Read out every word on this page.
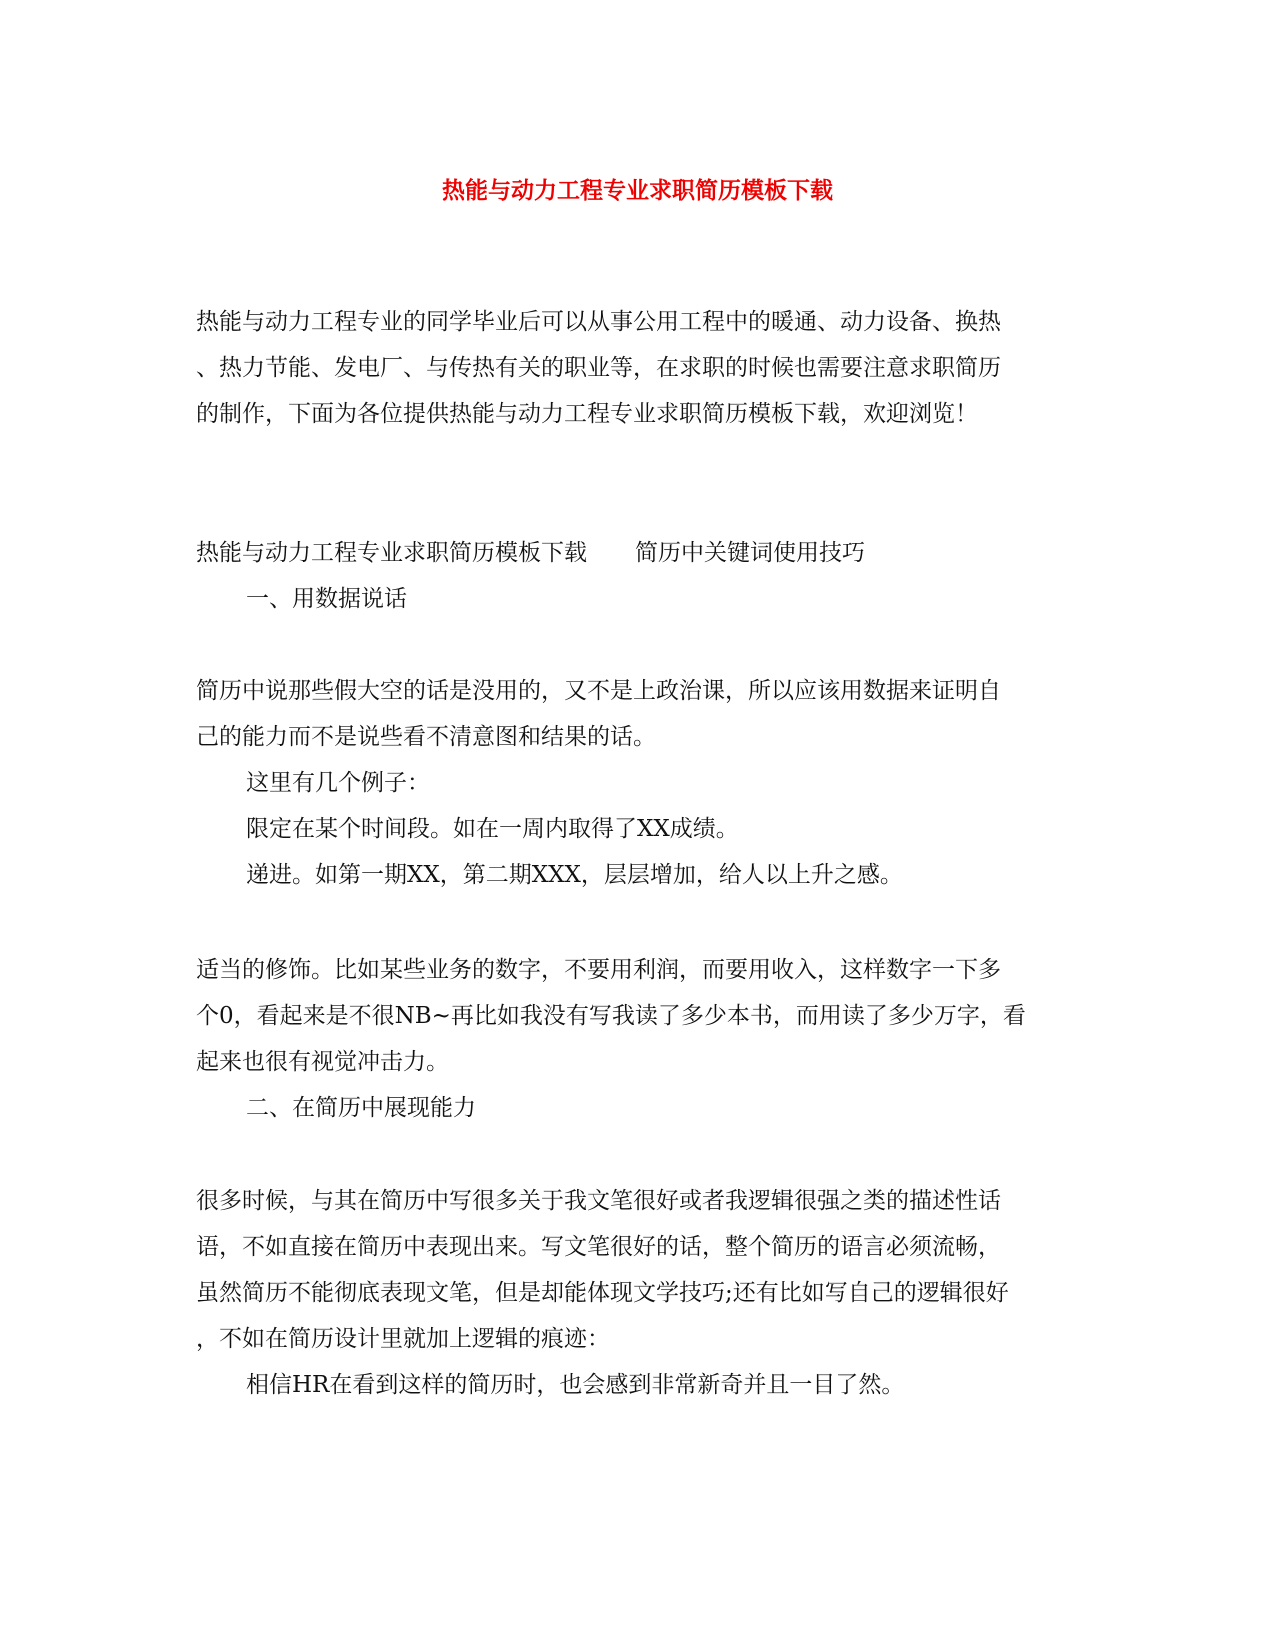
热能与动力工程专业求职简历模板下载

热能与动力工程专业的同学毕业后可以从事公用工程中的暖通、动力设备、换热

、热力节能、发电厂、与传热有关的职业等，在求职的时候也需要注意求职简历

的制作，下面为各位提供热能与动力工程专业求职简历模板下载，欢迎浏览！

热能与动力工程专业求职简历模板下载 简历中关键词使用技巧

一、用数据说话

简历中说那些假大空的话是没用的，又不是上政治课，所以应该用数据来证明自

己的能力而不是说些看不清意图和结果的话。

这里有几个例子：

限定在某个时间段。如在一周内取得了XX成绩。

递进。如第一期XX，第二期XXX，层层增加，给人以上升之感。

适当的修饰。比如某些业务的数字，不要用利润，而要用收入，这样数字一下多

个0，看起来是不很NB~再比如我没有写我读了多少本书，而用读了多少万字，看

起来也很有视觉冲击力。

二、在简历中展现能力

很多时候，与其在简历中写很多关于我文笔很好或者我逻辑很强之类的描述性话

语，不如直接在简历中表现出来。写文笔很好的话，整个简历的语言必须流畅，

虽然简历不能彻底表现文笔，但是却能体现文学技巧;还有比如写自己的逻辑很好

，不如在简历设计里就加上逻辑的痕迹：

相信HR在看到这样的简历时，也会感到非常新奇并且一目了然。
